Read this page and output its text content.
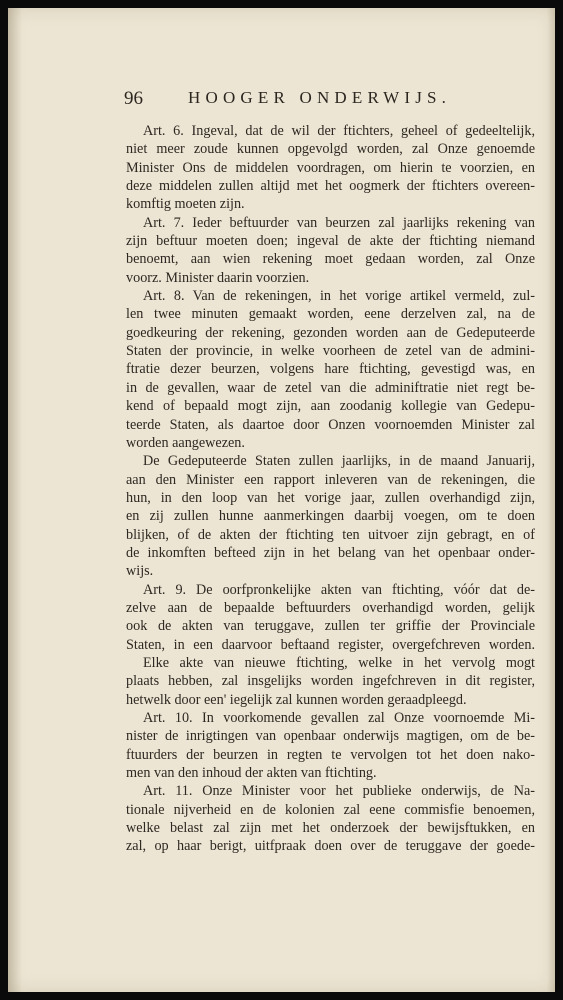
96	HOOGER ONDERWIJS.
Art. 6. Ingeval, dat de wil der ftichters, geheel of gedeeltelijk,
niet meer zoude kunnen opgevolgd worden, zal Onze genoemde
Minister Ons de middelen voordragen, om hierin te voorzien, en
deze middelen zullen altijd met het oogmerk der ftichters overeen-
komftig moeten zijn.
Art. 7. Ieder beftuurder van beurzen zal jaarlijks rekening van
zijn beftuur moeten doen; ingeval de akte der ftichting niemand
benoemt, aan wien rekening moet gedaan worden, zal Onze
voorz. Minister daarin voorzien.
Art. 8. Van de rekeningen, in het vorige artikel vermeld, zul-
len twee minuten gemaakt worden, eene derzelven zal, na de
goedkeuring der rekening, gezonden worden aan de Gedeputeerde
Staten der provincie, in welke voorheen de zetel van de admini-
ftratie dezer beurzen, volgens hare ftichting, gevestigd was, en
in de gevallen, waar de zetel van die adminiftratie niet regt be-
kend of bepaald mogt zijn, aan zoodanig kollegie van Gedepu-
teerde Staten, als daartoe door Onzen voornoemden Minister zal
worden aangewezen.
De Gedeputeerde Staten zullen jaarlijks, in de maand Januarij,
aan den Minister een rapport inleveren van de rekeningen, die
hun, in den loop van het vorige jaar, zullen overhandigd zijn,
en zij zullen hunne aanmerkingen daarbij voegen, om te doen
blijken, of de akten der ftichting ten uitvoer zijn gebragt, en of
de inkomften befteed zijn in het belang van het openbaar onder-
wijs.
Art. 9. De oorfpronkelijke akten van ftichting, vóór dat de-
zelve aan de bepaalde beftuurders overhandigd worden, gelijk
ook de akten van teruggave, zullen ter griffie der Provinciale
Staten, in een daarvoor beftaand register, overgefchreven worden.
Elke akte van nieuwe ftichting, welke in het vervolg mogt
plaats hebben, zal insgelijks worden ingefchreven in dit register,
hetwelk door een' iegelijk zal kunnen worden geraadpleegd.
Art. 10. In voorkomende gevallen zal Onze voornoemde Mi-
nister de inrigtingen van openbaar onderwijs magtigen, om de be-
ftuurders der beurzen in regten te vervolgen tot het doen nako-
men van den inhoud der akten van ftichting.
Art. 11. Onze Minister voor het publieke onderwijs, de Na-
tionale nijverheid en de kolonien zal eene commisfie benoemen,
welke belast zal zijn met het onderzoek der bewijsftukken, en
zal, op haar berigt, uitfpraak doen over de teruggave der goede-
